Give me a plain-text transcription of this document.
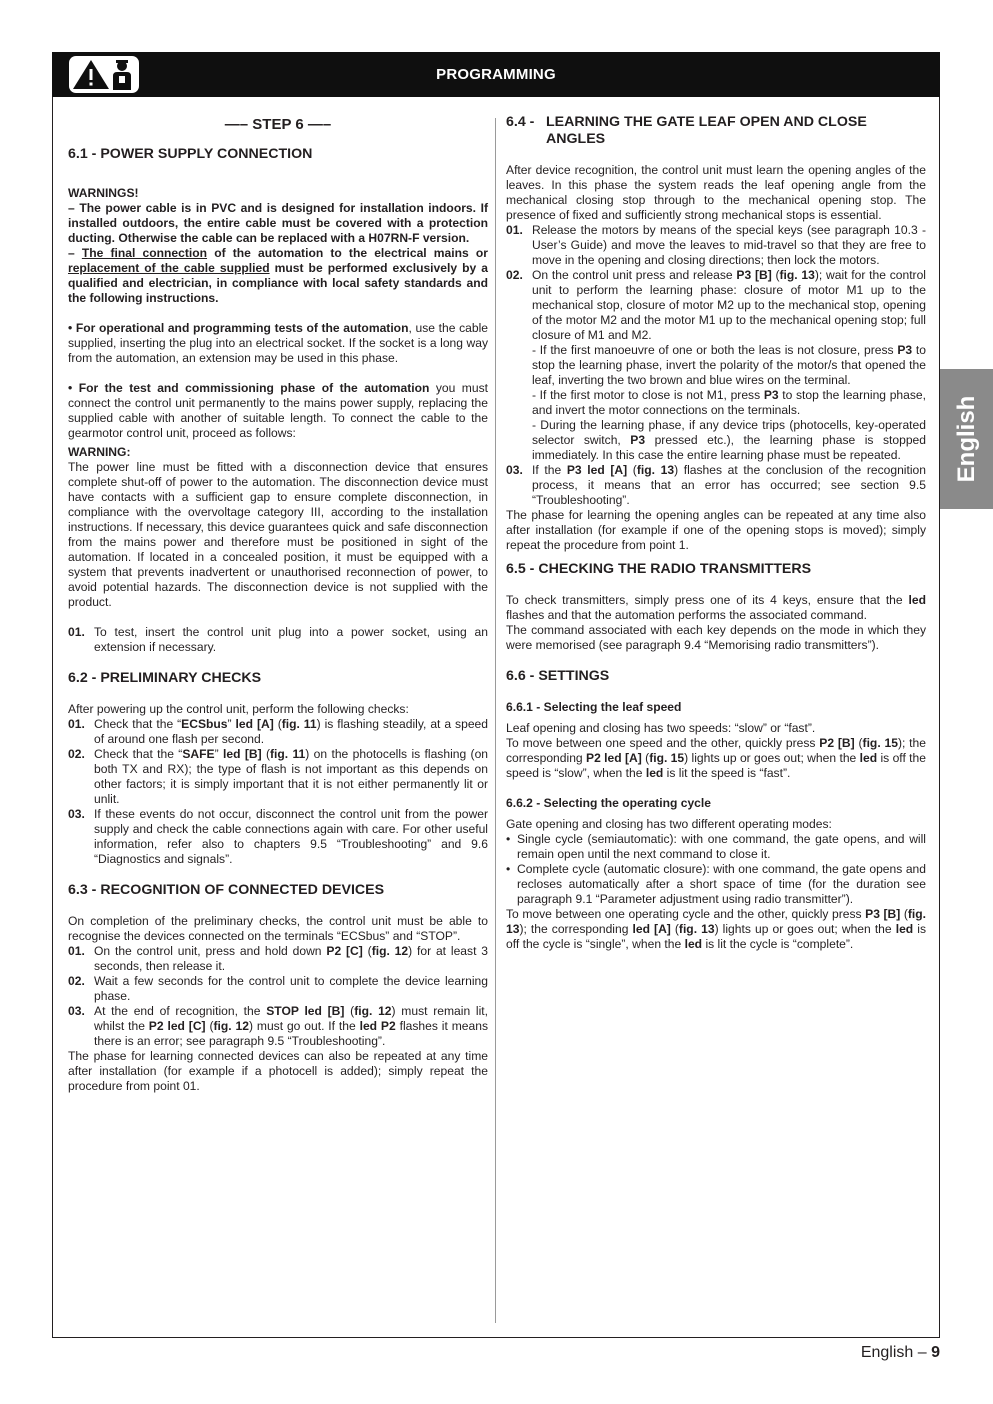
PROGRAMMING
—– STEP 6 —–
6.1 - POWER SUPPLY CONNECTION

WARNINGS!

– The power cable is in PVC and is designed for installation indoors. If installed outdoors, the entire cable must be covered with a protection ducting. Otherwise the cable can be replaced with a H07RN-F version.

– The final connection of the automation to the electrical mains or replacement of the cable supplied must be performed exclusively by a qualified and electrician, in compliance with local safety standards and the following instructions.

• For operational and programming tests of the automation, use the cable supplied, inserting the plug into an electrical socket. If the socket is a long way from the automation, an extension may be used in this phase.

• For the test and commissioning phase of the automation you must connect the control unit permanently to the mains power supply, replacing the supplied cable with another of suitable length. To connect the cable to the gearmotor control unit, proceed as follows:

WARNING:

The power line must be fitted with a disconnection device that ensures complete shut-off of power to the automation. The disconnection device must have contacts with a sufficient gap to ensure complete disconnection, in compliance with the overvoltage category III, according to the installation instructions. If necessary, this device guarantees quick and safe disconnection from the mains power and therefore must be positioned in sight of the automation. If located in a concealed position, it must be equipped with a system that prevents inadvertent or unauthorised reconnection of power, to avoid potential hazards. The disconnection device is not supplied with the product.

01. To test, insert the control unit plug into a power socket, using an extension if necessary.
6.2 - PRELIMINARY CHECKS

After powering up the control unit, perform the following checks:

01. Check that the “ECSbus” led [A] (fig. 11) is flashing steadily, at a speed of around one flash per second.
02. Check that the “SAFE” led [B] (fig. 11) on the photocells is flashing (on both TX and RX); the type of flash is not important as this depends on other factors; it is simply important that it is not either permanently lit or unlit.
03. If these events do not occur, disconnect the control unit from the power supply and check the cable connections again with care. For other useful information, refer also to chapters 9.5 “Troubleshooting” and 9.6 “Diagnostics and signals”.
6.3 - RECOGNITION OF CONNECTED DEVICES

On completion of the preliminary checks, the control unit must be able to recognise the devices connected on the terminals “ECSbus” and “STOP”.

01. On the control unit, press and hold down P2 [C] (fig. 12) for at least 3 seconds, then release it.
02. Wait a few seconds for the control unit to complete the device learning phase.
03. At the end of recognition, the STOP led [B] (fig. 12) must remain lit, whilst the P2 led [C] (fig. 12) must go out. If the led P2 flashes it means there is an error; see paragraph 9.5 “Troubleshooting”.

The phase for learning connected devices can also be repeated at any time after installation (for example if a photocell is added); simply repeat the procedure from point 01.

6.4 - LEARNING THE GATE LEAF OPEN AND CLOSE ANGLES

After device recognition, the control unit must learn the opening angles of the leaves. In this phase the system reads the leaf opening angle from the mechanical closing stop through to the mechanical opening stop. The presence of fixed and sufficiently strong mechanical stops is essential.

01. Release the motors by means of the special keys (see paragraph 10.3 - User’s Guide) and move the leaves to mid-travel so that they are free to move in the opening and closing directions; then lock the motors.
02. On the control unit press and release P3 [B] (fig. 13); wait for the control unit to perform the learning phase: closure of motor M1 up to the mechanical stop, closure of motor M2 up to the mechanical stop, opening of the motor M2 and the motor M1 up to the mechanical opening stop; full closure of M1 and M2.
- If the first manoeuvre of one or both the leas is not closure, press P3 to stop the learning phase, invert the polarity of the motor/s that opened the leaf, inverting the two brown and blue wires on the terminal.
- If the first motor to close is not M1, press P3 to stop the learning phase, and invert the motor connections on the terminals.
- During the learning phase, if any device trips (photocells, key-operated selector switch, P3 pressed etc.), the learning phase is stopped immediately. In this case the entire learning phase must be repeated.
03. If the P3 led [A] (fig. 13) flashes at the conclusion of the recognition process, it means that an error has occurred; see section 9.5 “Troubleshooting”.

The phase for learning the opening angles can be repeated at any time also after installation (for example if one of the opening stops is moved); simply repeat the procedure from point 1.

6.5 - CHECKING THE RADIO TRANSMITTERS

To check transmitters, simply press one of its 4 keys, ensure that the led flashes and that the automation performs the associated command.

The command associated with each key depends on the mode in which they were memorised (see paragraph 9.4 “Memorising radio transmitters”).

6.6 - SETTINGS
6.6.1 - Selecting the leaf speed

Leaf opening and closing has two speeds: “slow” or “fast”.

To move between one speed and the other, quickly press P2 [B] (fig. 15); the corresponding P2 led [A] (fig. 15) lights up or goes out; when the led is off the speed is “slow”, when the led is lit the speed is “fast”.

6.6.2 - Selecting the operating cycle

Gate opening and closing has two different operating modes:

• Single cycle (semiautomatic): with one command, the gate opens, and will remain open until the next command to close it.
• Complete cycle (automatic closure): with one command, the gate opens and recloses automatically after a short space of time (for the duration see paragraph 9.1 “Parameter adjustment using radio transmitter”).

To move between one operating cycle and the other, quickly press P3 [B] (fig. 13); the corresponding led [A] (fig. 13) lights up or goes out; when the led is off the cycle is “single”, when the led is lit the cycle is “complete”.

English
English – 9
